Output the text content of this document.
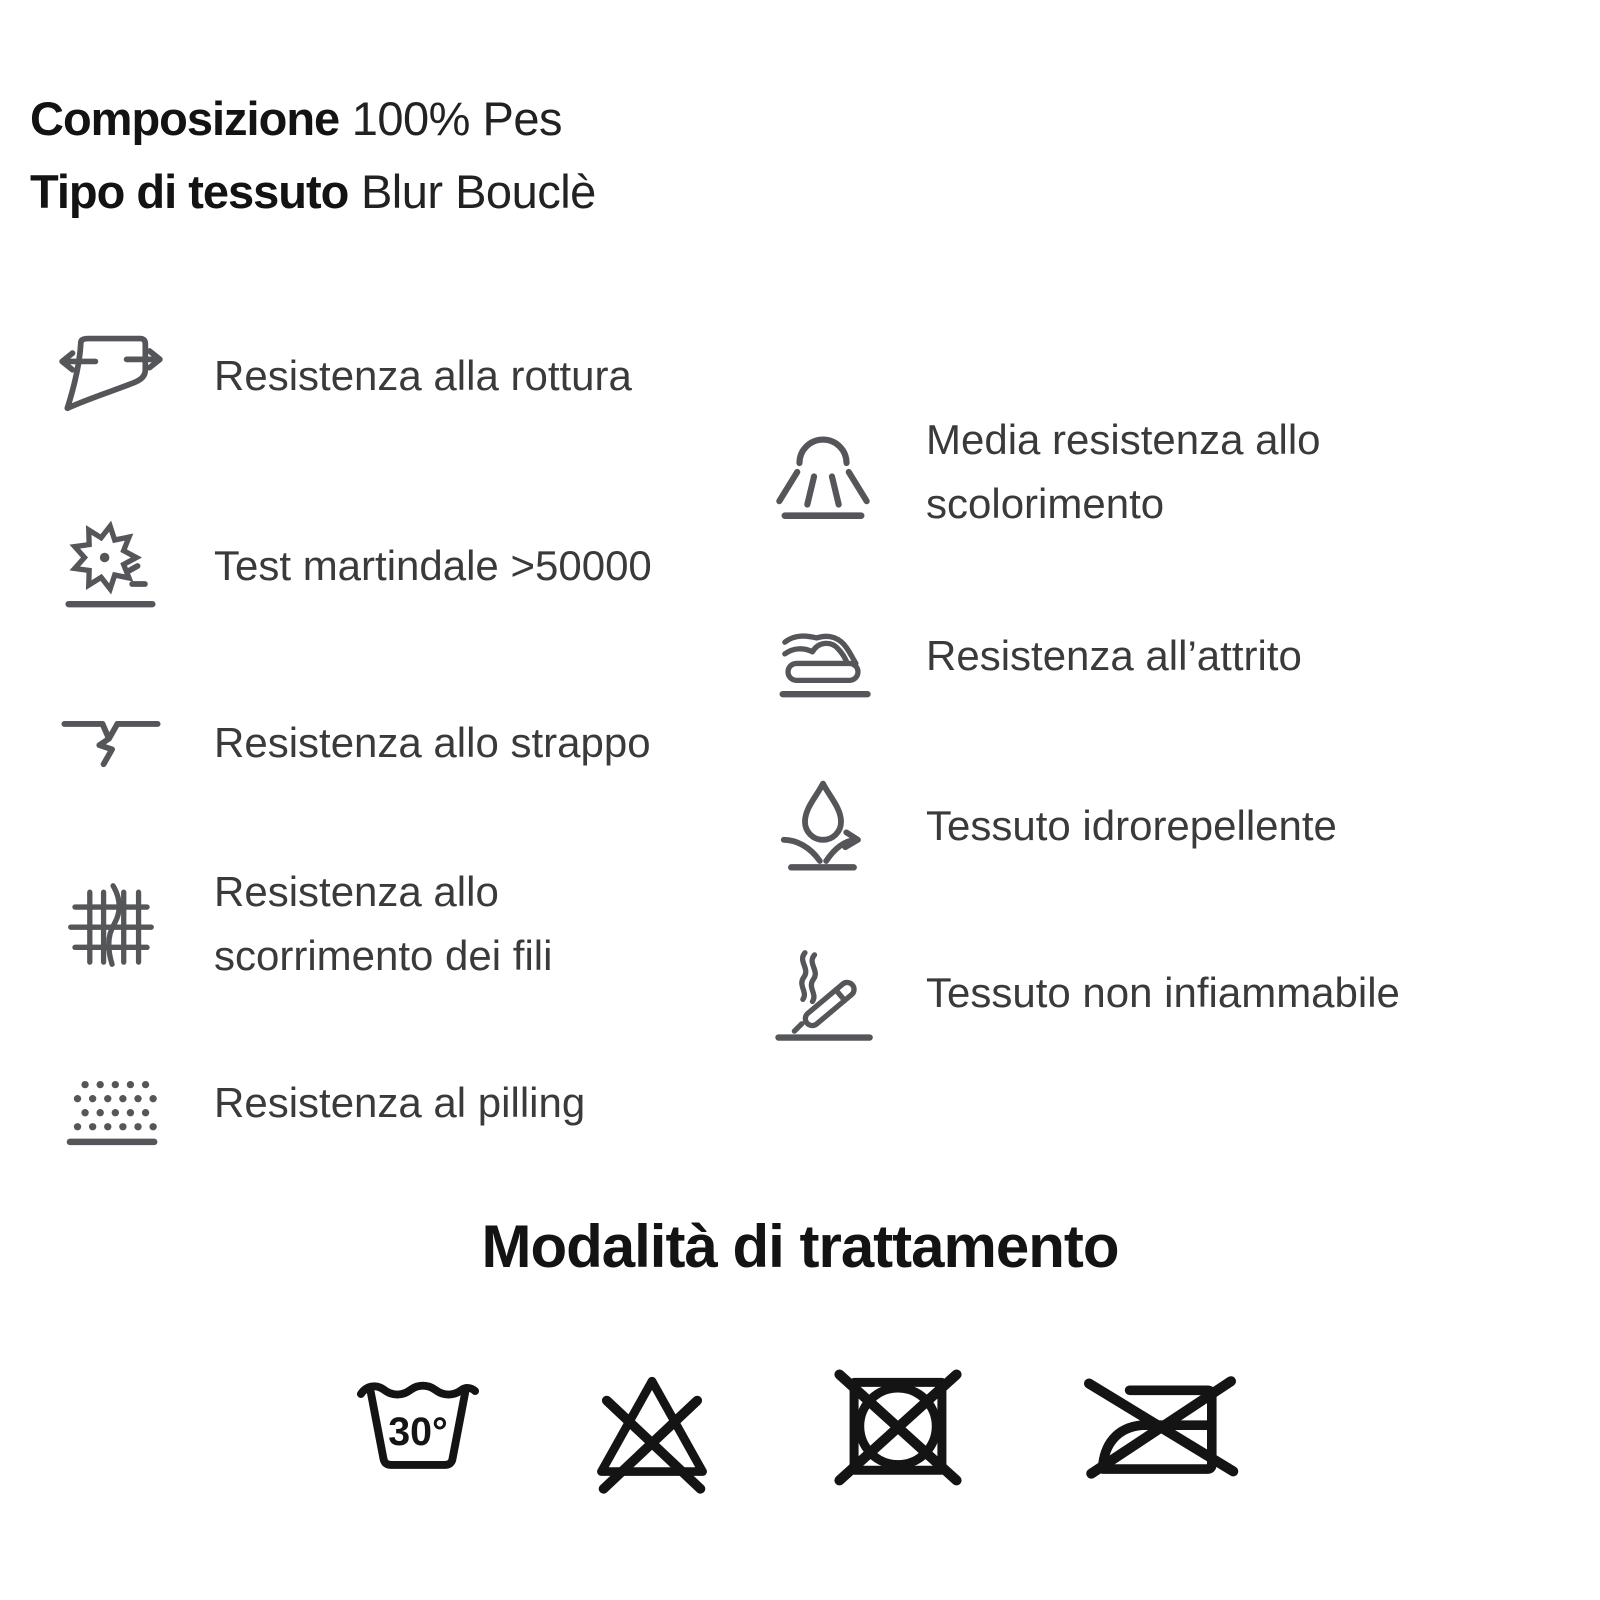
Composizione 100% Pes
Tipo di tessuto Blur Bouclè
Resistenza alla rottura
Test martindale >50000
Resistenza allo strappo
Resistenza allo scorrimento dei fili
Resistenza al pilling
Media resistenza allo scolorimento
Resistenza all’attrito
Tessuto idrorepellente
Tessuto non infiammabile
Modalità di trattamento
30°
